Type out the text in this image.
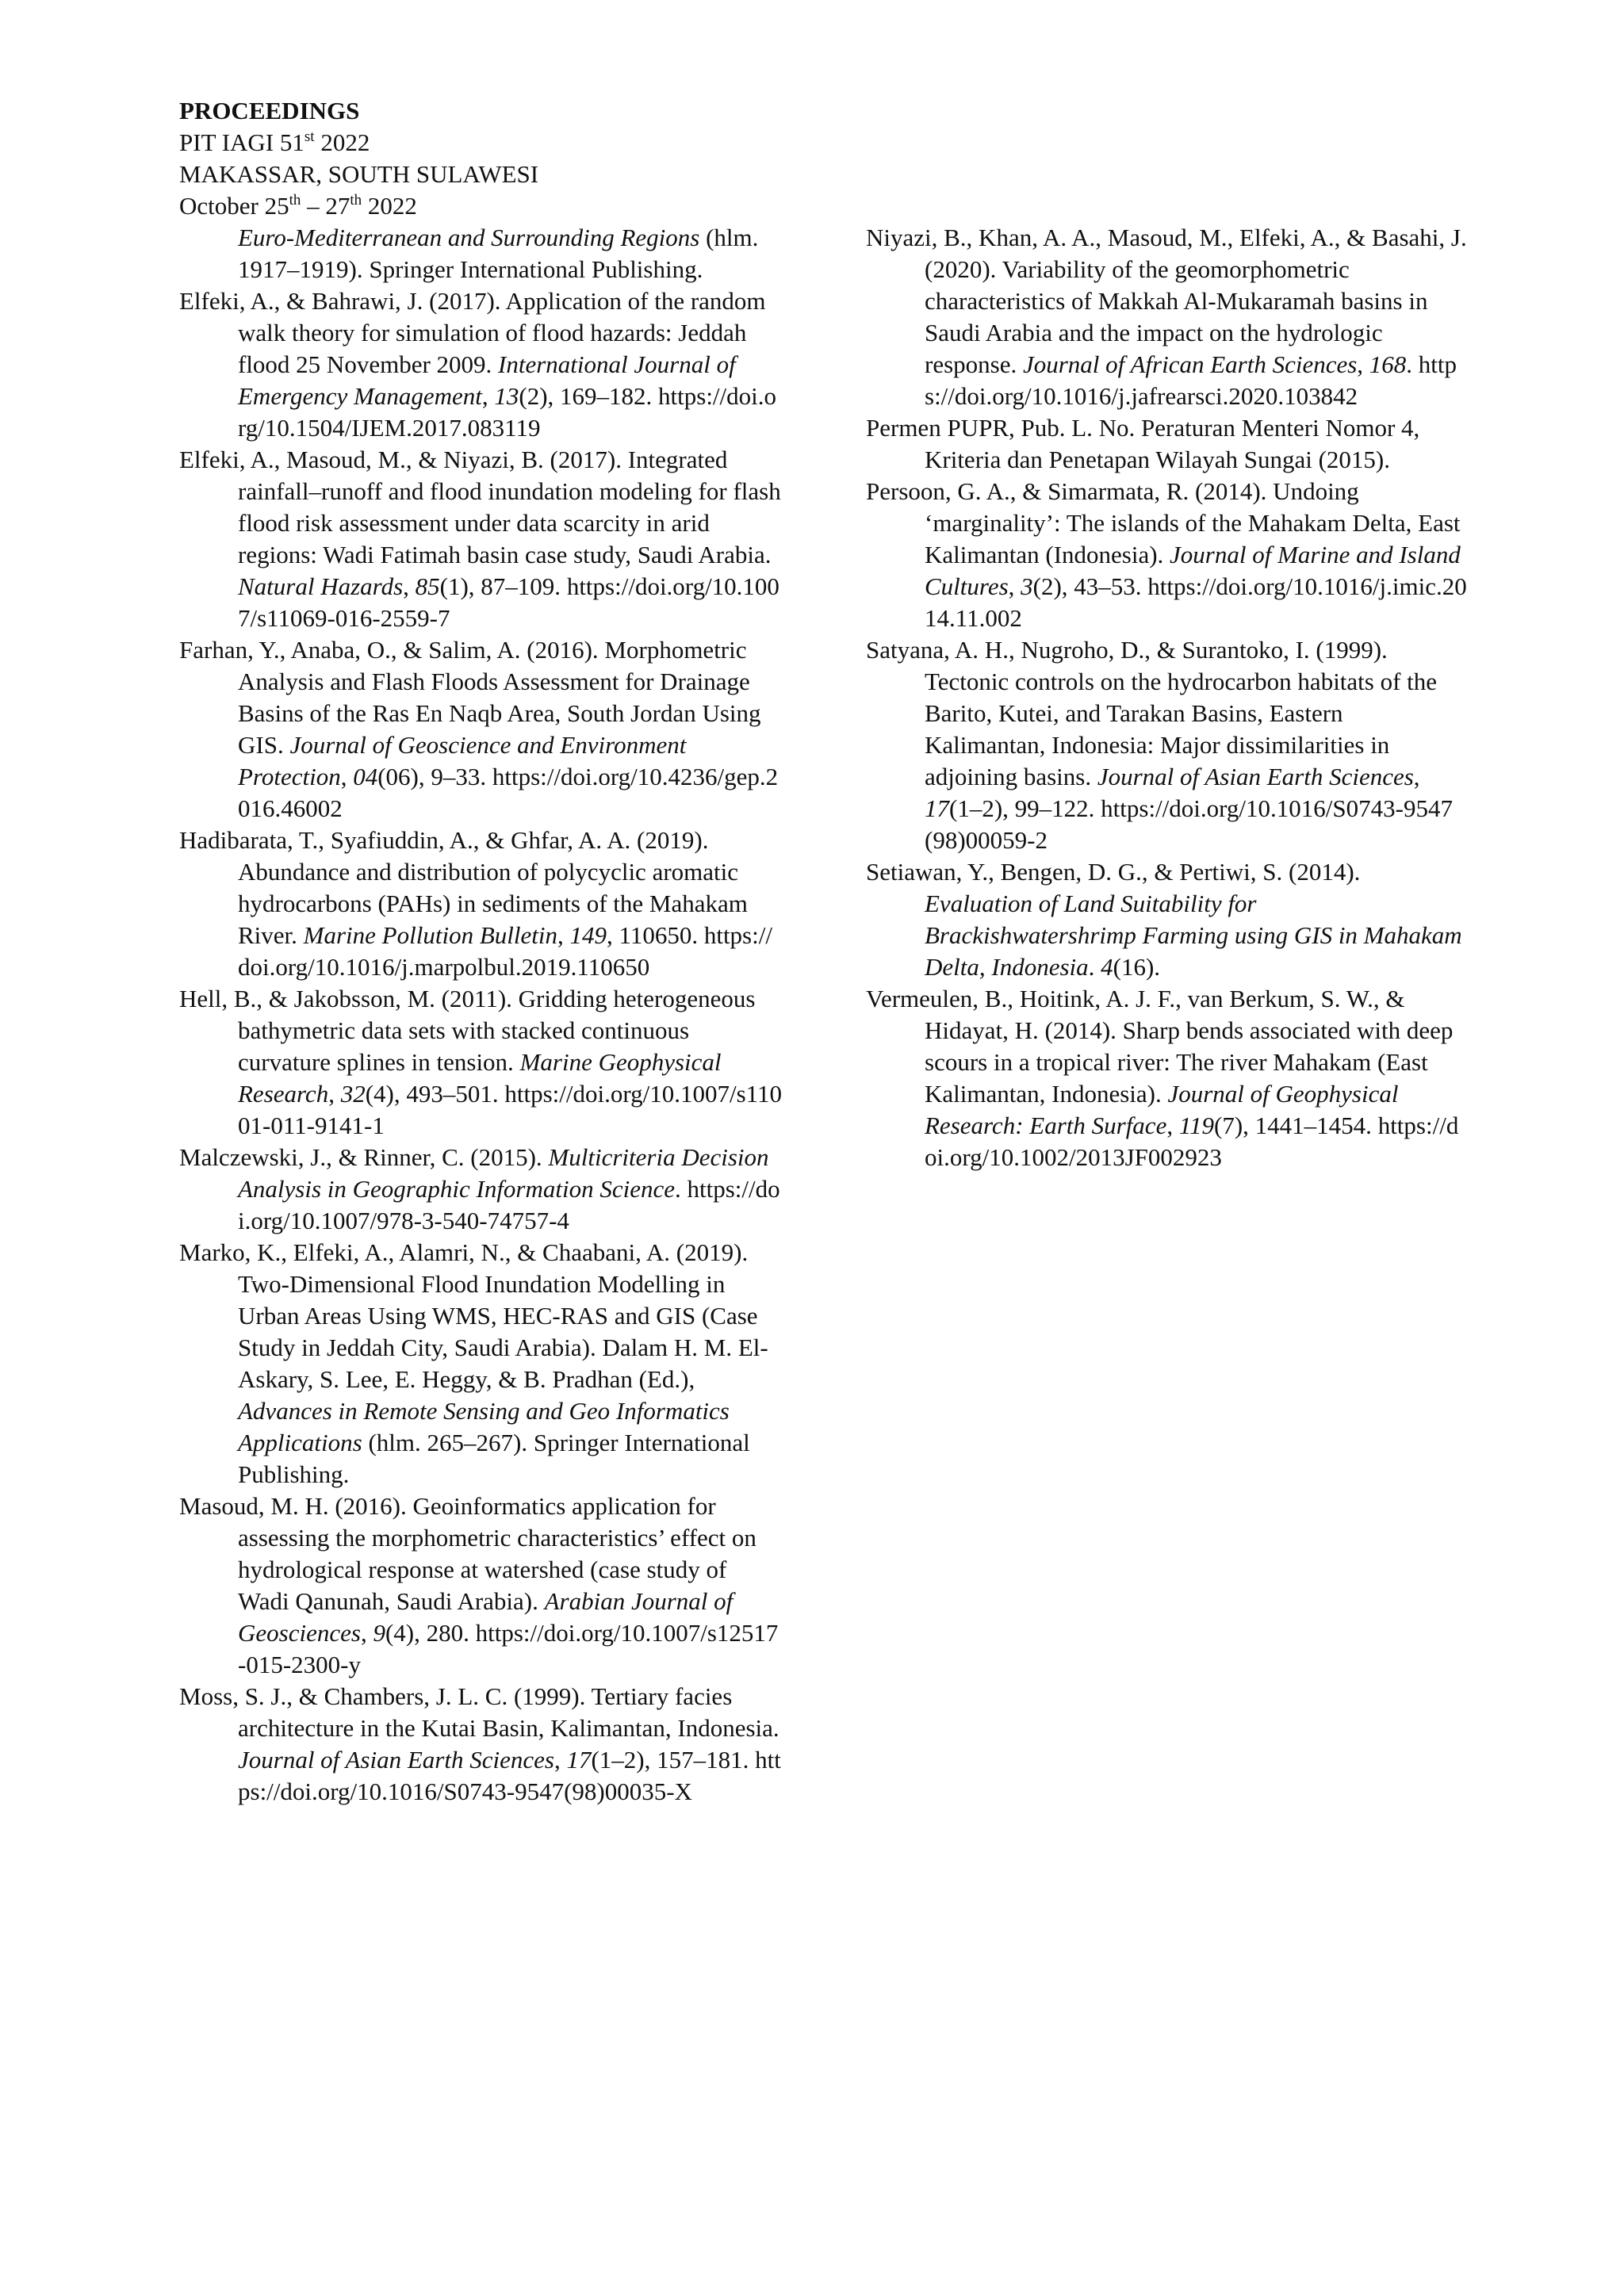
PROCEEDINGS
PIT IAGI 51st 2022
MAKASSAR, SOUTH SULAWESI
October 25th – 27th 2022
Euro-Mediterranean and Surrounding Regions (hlm. 1917–1919). Springer International Publishing.
Elfeki, A., & Bahrawi, J. (2017). Application of the random walk theory for simulation of flood hazards: Jeddah flood 25 November 2009. International Journal of Emergency Management, 13(2), 169–182. https://doi.org/10.1504/IJEM.2017.083119
Elfeki, A., Masoud, M., & Niyazi, B. (2017). Integrated rainfall–runoff and flood inundation modeling for flash flood risk assessment under data scarcity in arid regions: Wadi Fatimah basin case study, Saudi Arabia. Natural Hazards, 85(1), 87–109. https://doi.org/10.1007/s11069-016-2559-7
Farhan, Y., Anaba, O., & Salim, A. (2016). Morphometric Analysis and Flash Floods Assessment for Drainage Basins of the Ras En Naqb Area, South Jordan Using GIS. Journal of Geoscience and Environment Protection, 04(06), 9–33. https://doi.org/10.4236/gep.2016.46002
Hadibarata, T., Syafiuddin, A., & Ghfar, A. A. (2019). Abundance and distribution of polycyclic aromatic hydrocarbons (PAHs) in sediments of the Mahakam River. Marine Pollution Bulletin, 149, 110650. https://doi.org/10.1016/j.marpolbul.2019.110650
Hell, B., & Jakobsson, M. (2011). Gridding heterogeneous bathymetric data sets with stacked continuous curvature splines in tension. Marine Geophysical Research, 32(4), 493–501. https://doi.org/10.1007/s11001-011-9141-1
Malczewski, J., & Rinner, C. (2015). Multicriteria Decision Analysis in Geographic Information Science. https://doi.org/10.1007/978-3-540-74757-4
Marko, K., Elfeki, A., Alamri, N., & Chaabani, A. (2019). Two-Dimensional Flood Inundation Modelling in Urban Areas Using WMS, HEC-RAS and GIS (Case Study in Jeddah City, Saudi Arabia). Dalam H. M. El-Askary, S. Lee, E. Heggy, & B. Pradhan (Ed.), Advances in Remote Sensing and Geo Informatics Applications (hlm. 265–267). Springer International Publishing.
Masoud, M. H. (2016). Geoinformatics application for assessing the morphometric characteristics’ effect on hydrological response at watershed (case study of Wadi Qanunah, Saudi Arabia). Arabian Journal of Geosciences, 9(4), 280. https://doi.org/10.1007/s12517-015-2300-y
Moss, S. J., & Chambers, J. L. C. (1999). Tertiary facies architecture in the Kutai Basin, Kalimantan, Indonesia. Journal of Asian Earth Sciences, 17(1–2), 157–181. https://doi.org/10.1016/S0743-9547(98)00035-X
Niyazi, B., Khan, A. A., Masoud, M., Elfeki, A., & Basahi, J. (2020). Variability of the geomorphometric characteristics of Makkah Al-Mukaramah basins in Saudi Arabia and the impact on the hydrologic response. Journal of African Earth Sciences, 168. https://doi.org/10.1016/j.jafrearsci.2020.103842
Permen PUPR, Pub. L. No. Peraturan Menteri Nomor 4, Kriteria dan Penetapan Wilayah Sungai (2015).
Persoon, G. A., & Simarmata, R. (2014). Undoing ‘marginality’: The islands of the Mahakam Delta, East Kalimantan (Indonesia). Journal of Marine and Island Cultures, 3(2), 43–53. https://doi.org/10.1016/j.imic.2014.11.002
Satyana, A. H., Nugroho, D., & Surantoko, I. (1999). Tectonic controls on the hydrocarbon habitats of the Barito, Kutei, and Tarakan Basins, Eastern Kalimantan, Indonesia: Major dissimilarities in adjoining basins. Journal of Asian Earth Sciences, 17(1–2), 99–122. https://doi.org/10.1016/S0743-9547(98)00059-2
Setiawan, Y., Bengen, D. G., & Pertiwi, S. (2014). Evaluation of Land Suitability for Brackishwatershrimp Farming using GIS in Mahakam Delta, Indonesia. 4(16).
Vermeulen, B., Hoitink, A. J. F., van Berkum, S. W., & Hidayat, H. (2014). Sharp bends associated with deep scours in a tropical river: The river Mahakam (East Kalimantan, Indonesia). Journal of Geophysical Research: Earth Surface, 119(7), 1441–1454. https://doi.org/10.1002/2013JF002923
